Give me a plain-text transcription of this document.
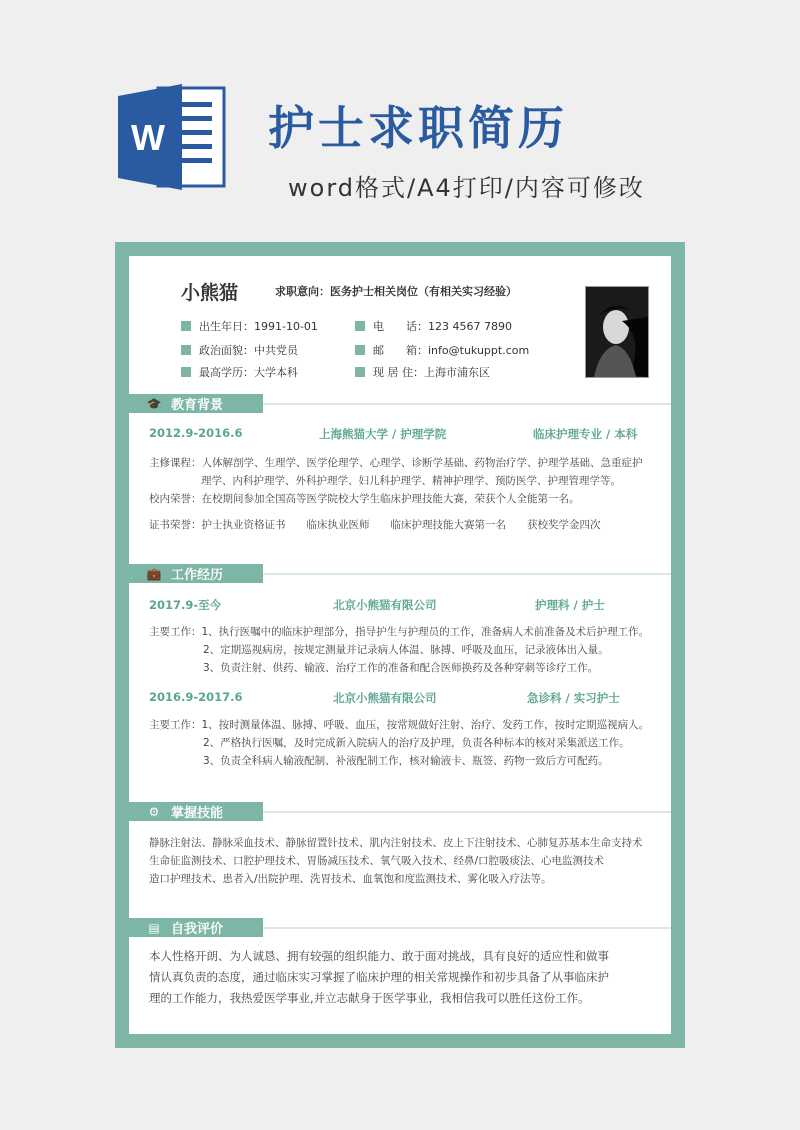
W 护士求职简历
word格式/A4打印/内容可修改
小熊猫	求职意向：医务护士相关岗位（有相关实习经验）
出生年日： 1991-10-01
政治面貌： 中共党员
最高学历： 大学本科
电　　话： 123 4567 7890
邮　　箱： info@tukuppt.com
现 居 住： 上海市浦东区
🎓 教育背景
2012.9-2016.6	上海熊猫大学 / 护理学院	临床护理专业 / 本科
主修课程：人体解剖学、生理学、医学伦理学、心理学、诊断学基础、药物治疗学、护理学基础、急重症护
理学、内科护理学、外科护理学、妇儿科护理学、精神护理学、预防医学、护理管理学等。
校内荣誉：在校期间参加全国高等医学院校大学生临床护理技能大赛，荣获个人全能第一名。
证书荣誉：护士执业资格证书　　临床执业医师　　临床护理技能大赛第一名　　获校奖学金四次
💼 工作经历
2017.9-至今	北京小熊猫有限公司	护理科 / 护士
主要工作：1、执行医嘱中的临床护理部分，指导护生与护理员的工作，准备病人术前准备及术后护理工作。
2、定期巡视病房，按规定测量并记录病人体温、脉搏、呼吸及血压，记录液体出入量。
3、负责注射、供药、输液、治疗工作的准备和配合医师换药及各种穿刺等诊疗工作。
2016.9-2017.6	北京小熊猫有限公司	急诊科 / 实习护士
主要工作：1、按时测量体温、脉搏、呼吸、血压，按常规做好注射、治疗、发药工作，按时定期巡视病人。
2、严格执行医嘱，及时完成新入院病人的治疗及护理，负责各种标本的核对采集派送工作。
3、负责全科病人输液配制、补液配制工作，核对输液卡、瓶签、药物一致后方可配药。
⚙ 掌握技能
静脉注射法、静脉采血技术、静脉留置针技术、肌内注射技术、皮上下注射技术、心肺复苏基本生命支持术
生命征监测技术、口腔护理技术、胃肠减压技术、氧气吸入技术、经鼻/口腔吸痰法、心电监测技术
造口护理技术、患者入/出院护理、洗胃技术、血氧饱和度监测技术、雾化吸入疗法等。
▤ 自我评价
本人性格开朗、为人诚恳、拥有较强的组织能力、敢于面对挑战，具有良好的适应性和做事
情认真负责的态度，通过临床实习掌握了临床护理的相关常规操作和初步具备了从事临床护
理的工作能力，我热爱医学事业,并立志献身于医学事业，我相信我可以胜任这份工作。
